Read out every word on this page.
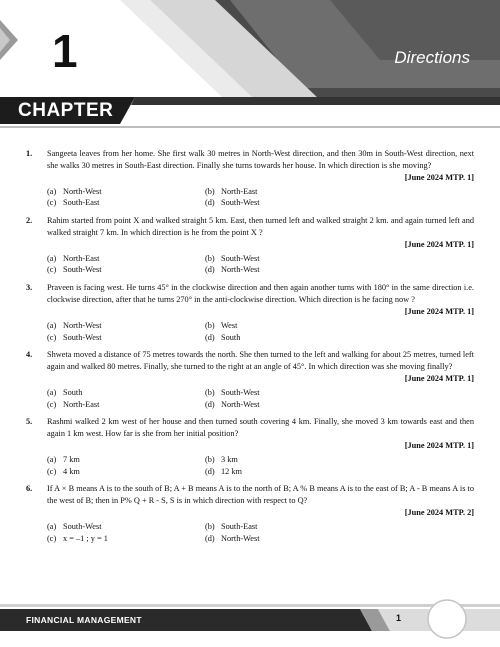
1	Directions
CHAPTER
1.	Sangeeta leaves from her home. She first walk 30 metres in North-West direction, and then 30m in South-West direction, next she walks 30 metres in South-East direction. Finally she turns towards her house. In which direction is she moving?
[June 2024 MTP. 1]
(a) North-West	(b) North-East
(c) South-East	(d) South-West
2.	Rahim started from point X and walked straight 5 km. East, then turned left and walked straight 2 km. and again turned left and walked straight 7 km. In which direction is he from the point X ?
[June 2024 MTP. 1]
(a) North-East	(b) South-West
(c) South-West	(d) North-West
3.	Praveen is facing west. He turns 45° in the clockwise direction and then again another turns with 180° in the same direction i.e. clockwise direction, after that he turns 270° in the anti-clockwise direction. Which direction is he facing now ?
[June 2024 MTP. 1]
(a) North-West	(b) West
(c) South-West	(d) South
4.	Shweta moved a distance of 75 metres towards the north. She then turned to the left and walking for about 25 metres, turned left again and walked 80 metres. Finally, she turned to the right at an angle of 45°. In which direction was she moving finally?
[June 2024 MTP. 1]
(a) South	(b) South-West
(c) North-East	(d) North-West
5.	Rashmi walked 2 km west of her house and then turned south covering 4 km. Finally, she moved 3 km towards east and then again 1 km west. How far is she from her initial position?
[June 2024 MTP. 1]
(a) 7 km	(b) 3 km
(c) 4 km	(d) 12 km
6.	If A × B means A is to the south of B; A + B means A is to the north of B; A % B means A is to the east of B; A - B means A is to the west of B; then in P% Q + R - S, S is in which direction with respect to Q?
[June 2024 MTP. 2]
(a) South-West	(b) South-East
(c) x = –1 ; y = 1	(d) North-West
FINANCIAL MANAGEMENT	1
